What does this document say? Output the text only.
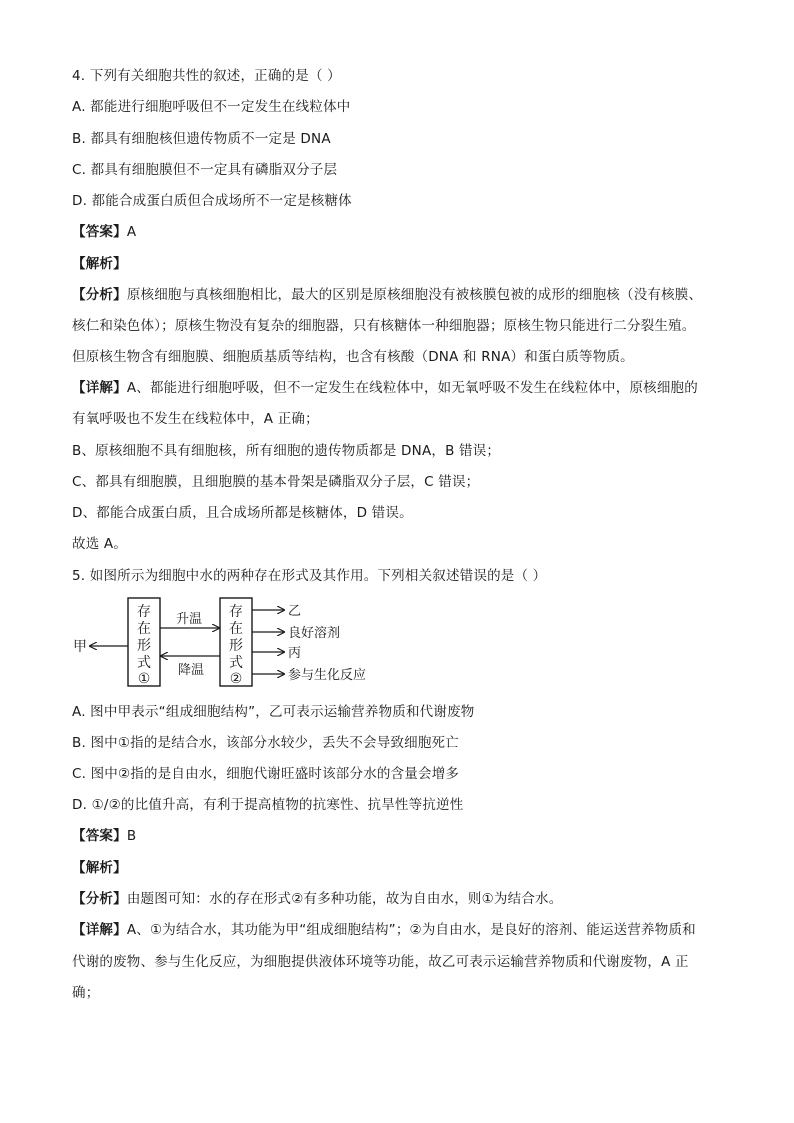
4. 下列有关细胞共性的叙述，正确的是（ ）
A. 都能进行细胞呼吸但不一定发生在线粒体中
B. 都具有细胞核但遗传物质不一定是 DNA
C. 都具有细胞膜但不一定具有磷脂双分子层
D. 都能合成蛋白质但合成场所不一定是核糖体
【答案】A
【解析】
【分析】原核细胞与真核细胞相比，最大的区别是原核细胞没有被核膜包被的成形的细胞核（没有核膜、
核仁和染色体）；原核生物没有复杂的细胞器，只有核糖体一种细胞器；原核生物只能进行二分裂生殖。
但原核生物含有细胞膜、细胞质基质等结构，也含有核酸（DNA 和 RNA）和蛋白质等物质。
【详解】A、都能进行细胞呼吸，但不一定发生在线粒体中，如无氧呼吸不发生在线粒体中，原核细胞的
有氧呼吸也不发生在线粒体中，A 正确；
B、原核细胞不具有细胞核，所有细胞的遗传物质都是 DNA，B 错误；
C、都具有细胞膜，且细胞膜的基本骨架是磷脂双分子层，C 错误；
D、都能合成蛋白质，且合成场所都是核糖体，D 错误。
故选 A。
5. 如图所示为细胞中水的两种存在形式及其作用。下列相关叙述错误的是（ ）
存
在
形
式
①
存
在
形
式
②
升温
降温
甲
乙
良好溶剂
丙
参与生化反应
A. 图中甲表示“组成细胞结构”，乙可表示运输营养物质和代谢废物
B. 图中①指的是结合水，该部分水较少，丢失不会导致细胞死亡
C. 图中②指的是自由水，细胞代谢旺盛时该部分水的含量会增多
D. ①/②的比值升高，有利于提高植物的抗寒性、抗旱性等抗逆性
【答案】B
【解析】
【分析】由题图可知：水的存在形式②有多种功能，故为自由水，则①为结合水。
【详解】A、①为结合水，其功能为甲“组成细胞结构”；②为自由水，是良好的溶剂、能运送营养物质和
代谢的废物、参与生化反应，为细胞提供液体环境等功能，故乙可表示运输营养物质和代谢废物，A 正
确；
